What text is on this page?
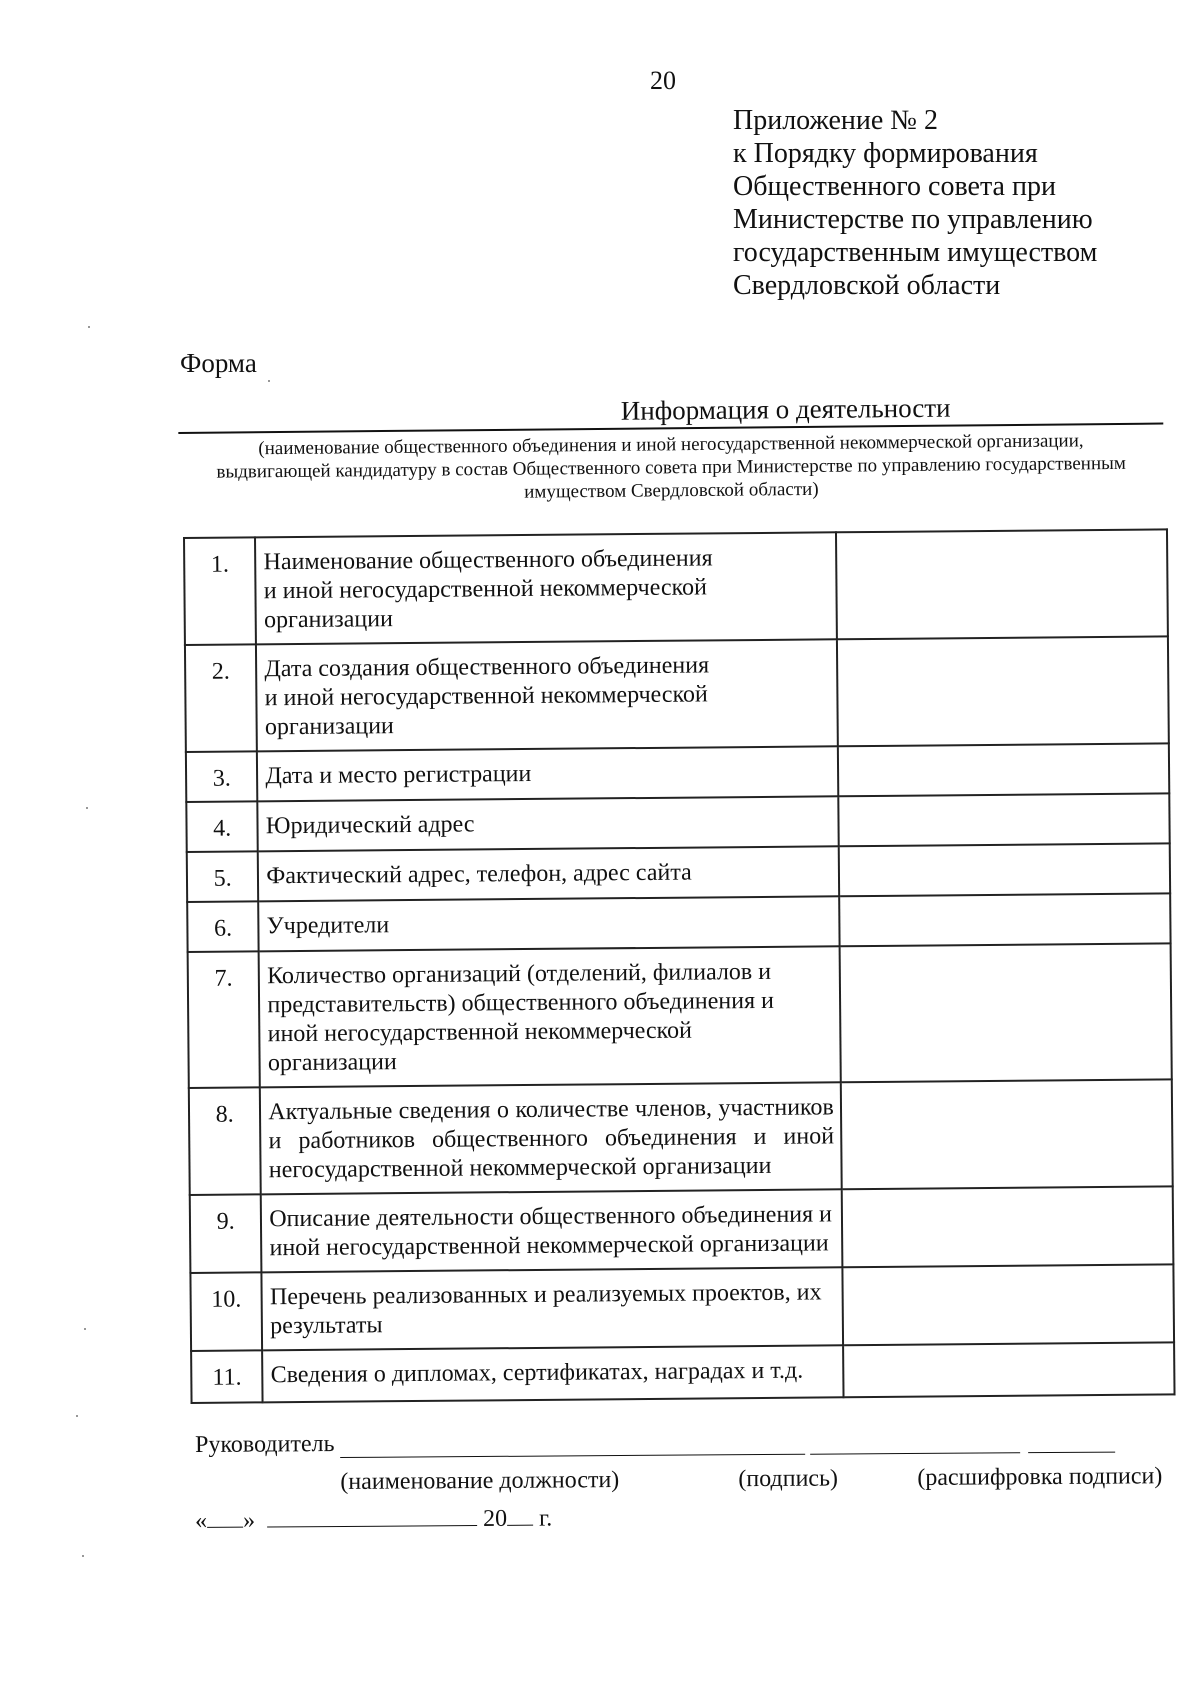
20
Приложение № 2
к Порядку формирования
Общественного совета при
Министерстве по управлению
государственным имуществом
Свердловской области
Форма
Информация о деятельности
(наименование общественного объединения и иной негосударственной некоммерческой организации,
выдвигающей кандидатуру в состав Общественного совета при Министерстве по управлению государственным
имуществом Свердловской области)
1.	Наименование общественного объединения
и иной негосударственной некоммерческой
организации	

2.	Дата создания общественного объединения
и иной негосударственной некоммерческой
организации	

3.	Дата и место регистрации	

4.	Юридический адрес	

5.	Фактический адрес, телефон, адрес сайта	

6.	Учредители	

7.	Количество организаций (отделений, филиалов и
представительств) общественного объединения и
иной негосударственной некоммерческой
организации	

8.	Актуальные сведения о количестве членов, участников и работников общественного объединения и иной негосударственной некоммерческой организации	
9.	Описание деятельности общественного объединения и
иной негосударственной некоммерческой организации	

10.	Перечень реализованных и реализуемых проектов, их
результаты	

11.	Сведения о дипломах, сертификатах, наградах и т.д.	

Руководитель
(наименование должности)	(подпись)	(расшифровка подписи)
« »	20 г.
